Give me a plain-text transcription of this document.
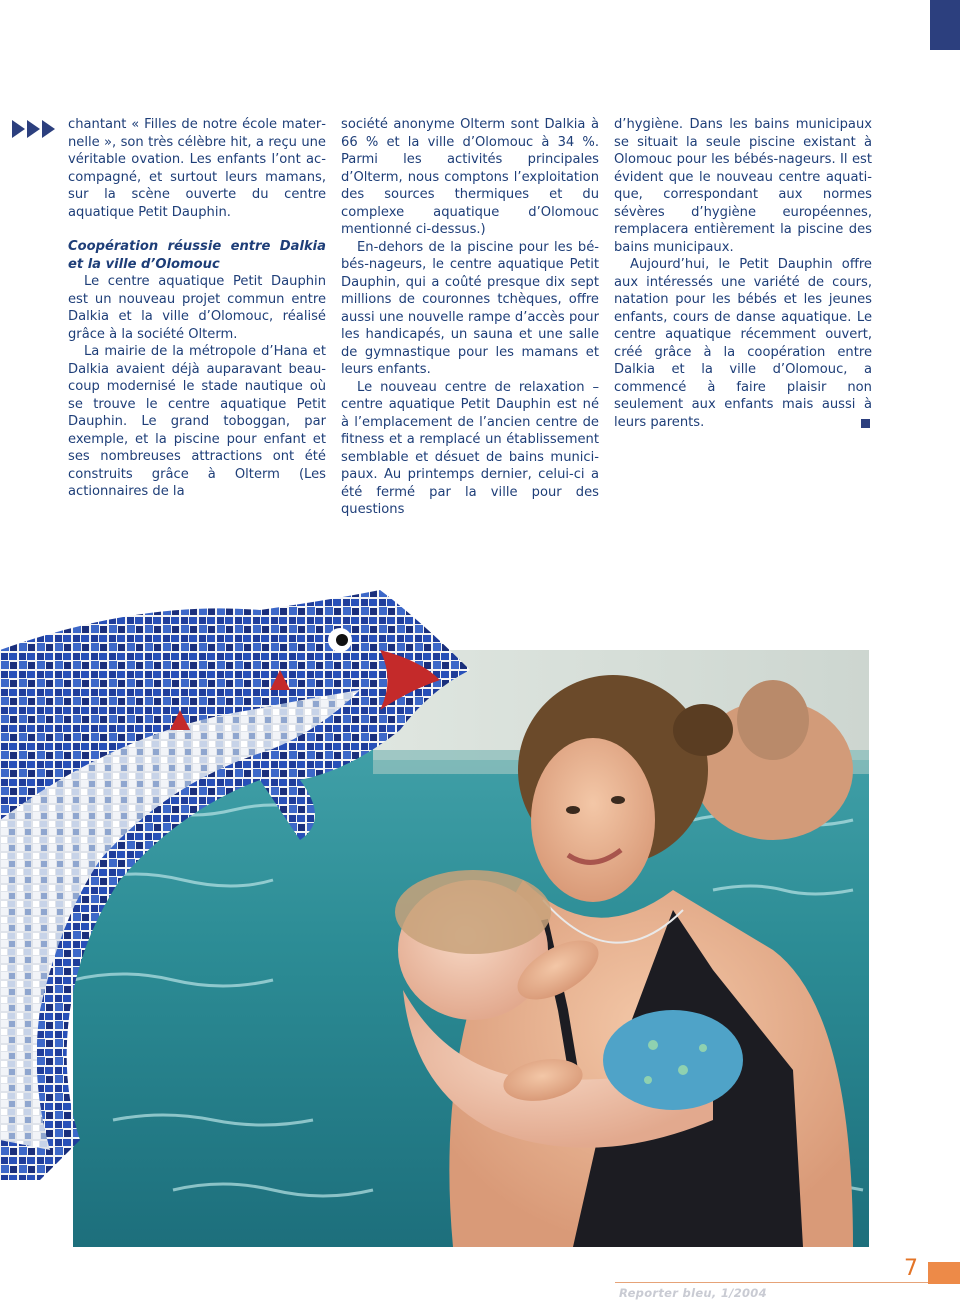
chantant « Filles de notre école maternelle », son très célèbre hit, a reçu une véritable ovation. Les enfants l’ont accompagné, et surtout leurs mamans, sur la scène ouverte du centre aquatique Petit Dauphin.

Coopération réussie entre Dalkia et la ville d’Olomouc

Le centre aquatique Petit Dauphin est un nouveau projet commun entre Dalkia et la ville d’Olomouc, réalisé grâce à la société Olterm.

La mairie de la métropole d’Hana et Dalkia avaient déjà auparavant beaucoup modernisé le stade nautique où se trouve le centre aquatique Petit Dauphin. Le grand toboggan, par exemple, et la piscine pour enfant et ses nombreuses attractions ont été construits grâce à Olterm (Les actionnaires de la

société anonyme Olterm sont Dalkia à 66 % et la ville d’Olomouc à 34 %. Parmi les activités principales d’Olterm, nous comptons l’exploitation des sources thermiques et du complexe aquatique d’Olomouc mentionné ci-dessus.)

En-dehors de la piscine pour les bébés-nageurs, le centre aquatique Petit Dauphin, qui a coûté presque dix sept millions de couronnes tchèques, offre aussi une nouvelle rampe d’accès pour les handicapés, un sauna et une salle de gymnastique pour les mamans et leurs enfants.

Le nouveau centre de relaxation – centre aquatique Petit Dauphin est né à l’emplacement de l’ancien centre de fitness et a remplacé un établissement semblable et désuet de bains municipaux. Au printemps dernier, celui-ci a été fermé par la ville pour des questions

d’hygiène. Dans les bains municipaux se situait la seule piscine existant à Olomouc pour les bébés-nageurs. Il est évident que le nouveau centre aquatique, correspondant aux normes sévères d’hygiène européennes, remplacera entièrement la piscine des bains municipaux.

Aujourd’hui, le Petit Dauphin offre aux intéressés une variété de cours, natation pour les bébés et les jeunes enfants, cours de danse aquatique. Le centre aquatique récemment ouvert, créé grâce à la coopération entre Dalkia et la ville d’Olomouc, a commencé à faire plaisir non seulement aux enfants mais aussi à leurs parents.

Reporter bleu, 1/2004
7
